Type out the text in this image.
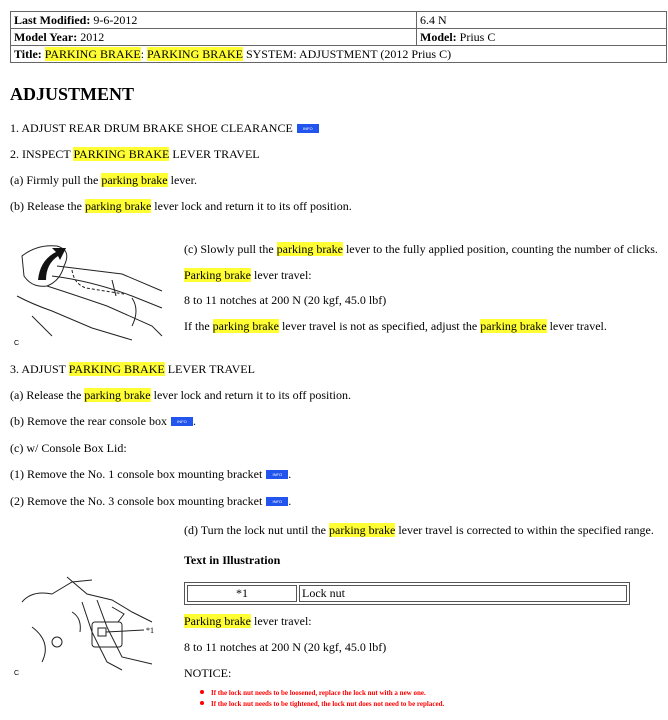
Last Modified: 9-6-2012	6.4 N
Model Year: 2012	Model: Prius C
Title: PARKING BRAKE: PARKING BRAKE SYSTEM: ADJUSTMENT (2012 Prius C)	
ADJUSTMENT
1. ADJUST REAR DRUM BRAKE SHOE CLEARANCE	INFO
2. INSPECT PARKING BRAKE LEVER TRAVEL
(a) Firmly pull the parking brake lever.
(b) Release the parking brake lever lock and return it to its off position.
C
(c) Slowly pull the parking brake lever to the fully applied position, counting the number of clicks.
Parking brake lever travel:
8 to 11 notches at 200 N (20 kgf, 45.0 lbf)
If the parking brake lever travel is not as specified, adjust the parking brake lever travel.
3. ADJUST PARKING BRAKE LEVER TRAVEL
(a) Release the parking brake lever lock and return it to its off position.
(b) Remove the rear console box	INFO .
(c) w/ Console Box Lid:
(1) Remove the No. 1 console box mounting bracket	INFO .
(2) Remove the No. 3 console box mounting bracket	INFO .
(d) Turn the lock nut until the parking brake lever travel is corrected to within the specified range.
Text in Illustration
*1	Lock nut
*1
C
Parking brake lever travel:
8 to 11 notches at 200 N (20 kgf, 45.0 lbf)
NOTICE:
If the lock nut needs to be loosened, replace the lock nut with a new one.
If the lock nut needs to be tightened, the lock nut does not need to be replaced.
